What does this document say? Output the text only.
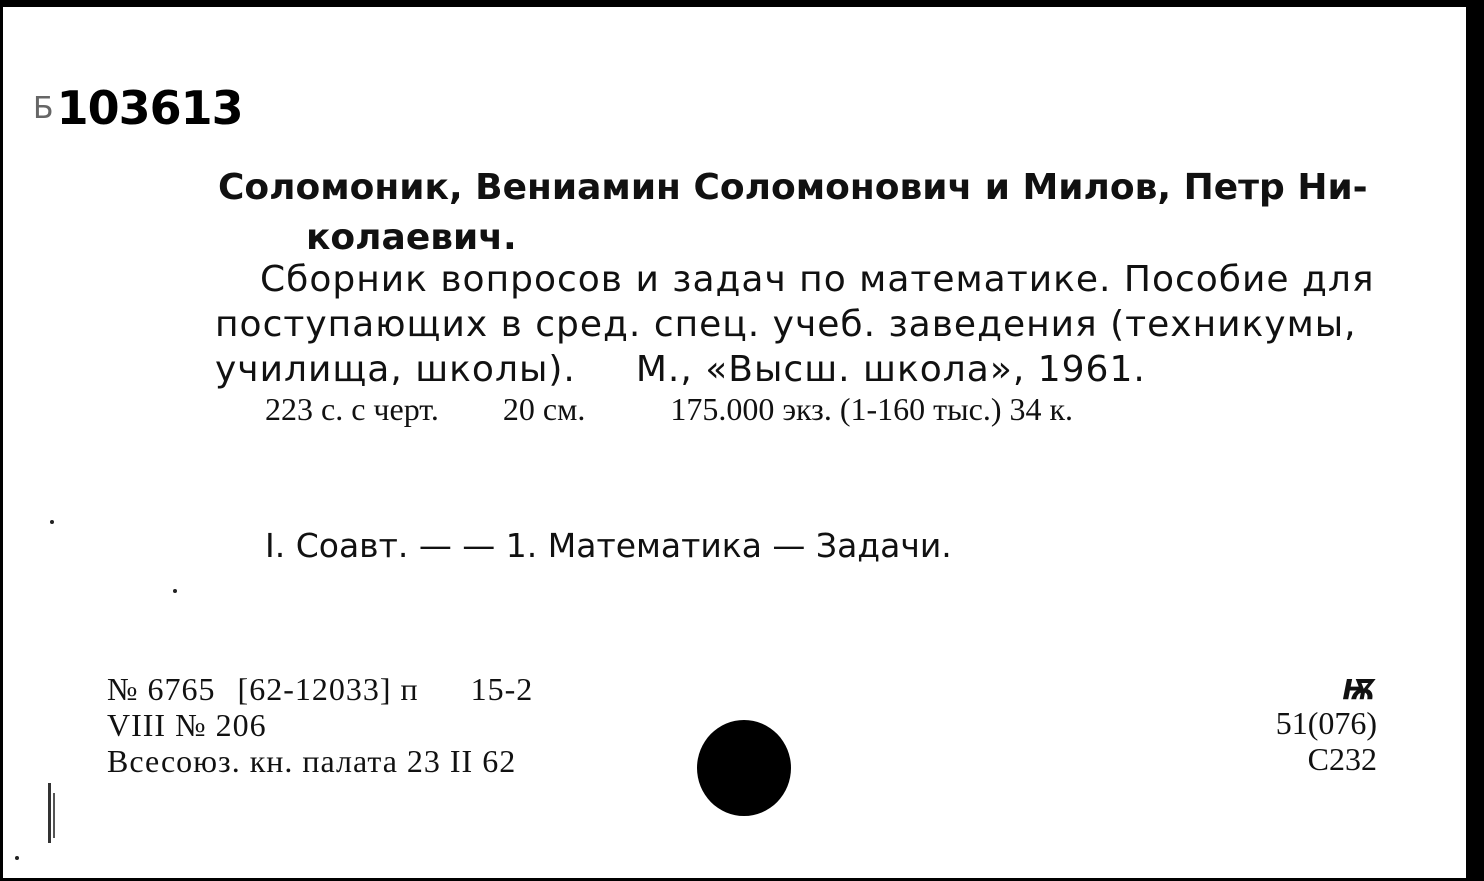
Б103613
Соломоник, Вениамин Соломонович и Милов, Петр Ни-
колаевич.
Сборник вопросов и задач по математике. Пособие для
поступающих в сред. спец. учеб. заведения (техникумы,
училища, школы). М., «Высш. школа», 1961.
223 с. с черт. 20 см.	175.000 экз. (1-160 тыс.) 34 к.
I. Соавт. — — 1. Математика — Задачи.
№ 6765 [62-12033] п 15-2
VIII № 206
Всесоюз. кн. палата 23 II 62
Ѭ
51(076)
С232
